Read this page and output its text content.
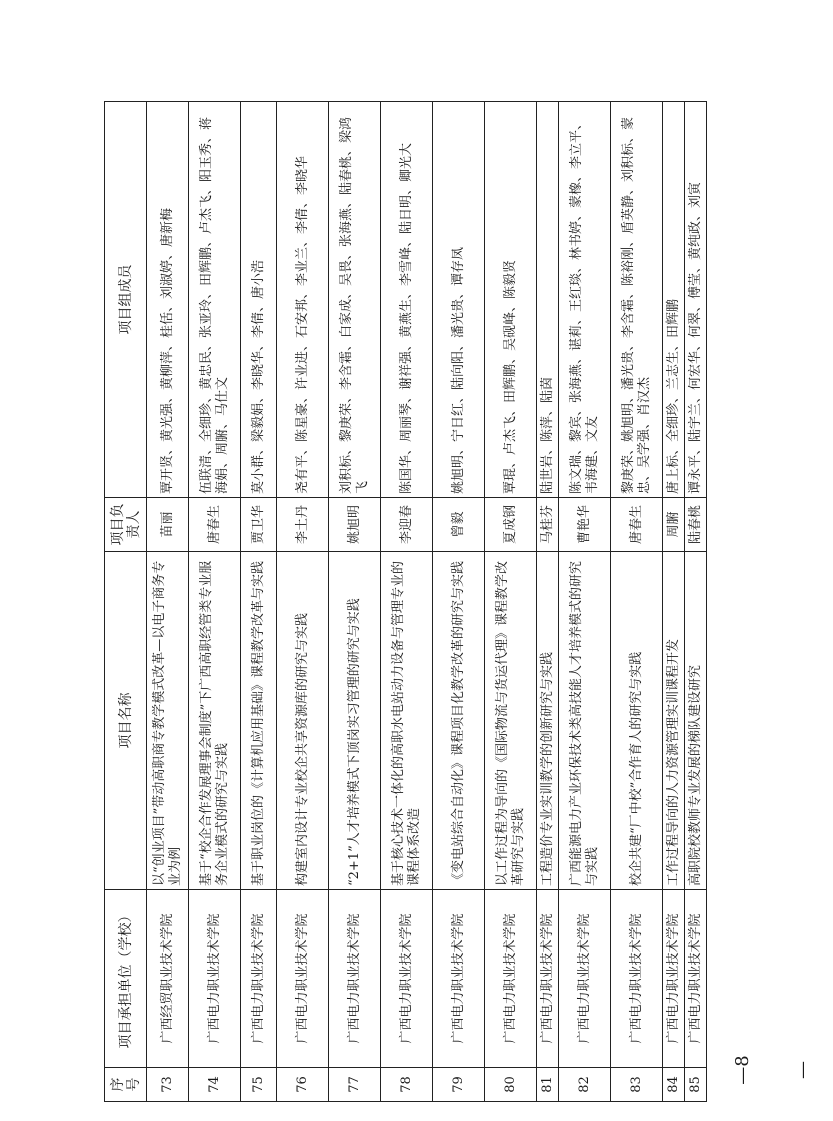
序号	项目承担单位（学校）	项目名称	项目负责人	项目组成员
73	广西经贸职业技术学院	以“创业项目”带动高职商专教学模式改革—以电子商务专业为例	苗丽	覃开贤、黄光强、黄柳萍、桂佸、刘淑婷、唐新梅
74	广西电力职业技术学院	基于“校企合作发展理事会制度”下广西高职经管类专业服务企业模式的研究与实践	唐春生	伍联清、全细珍、黄忠民、张亚玲、田辉鹏、卢杰飞、阳玉秀、蒋海娟、周腑、马仕文
75	广西电力职业技术学院	基于职业岗位的《计算机应用基础》课程教学改革与实践	贾卫华	莫小群、梁毅娟、李晓华、李倩、唐小浩
76	广西电力职业技术学院	构建室内设计专业校企共享资源库的研究与实践	李土丹	尧有平、陈星豪、许业进、石安邦、李业兰、李倩、李晓华
77	广西电力职业技术学院	“2+1”人才培养模式下顶岗实习管理的研究与实践	姚旭明	刘积标、黎庚荣、李含霜、白家成、吴畏、张海燕、陆春桃、梁鸿飞
78	广西电力职业技术学院	基于核心技术一体化的高职水电站动力设备与管理专业的课程体系改造	李迎春	陈国华、周丽琴、谢祥强、黄燕生、李雪峰、陆日明、卿光大
79	广西电力职业技术学院	《变电站综合自动化》课程项目化教学改革的研究与实践	曾毅	姚旭明、宁日红、陆向阳、潘光贵、谭存凤
80	广西电力职业技术学院	以工作过程为导向的《国际物流与货运代理》课程教学改革研究与实践	夏成钢	覃琨、卢杰飞、田辉鹏、吴砚峰、陈毅贤
81	广西电力职业技术学院	工程造价专业实训教学的创新研究与实践	马桂芬	陆世岩、陈萍、陆茵
82	广西电力职业技术学院	广西能源电力产业环保技术类高技能人才培养模式的研究与实践	曹艳华	陈文瑞、黎宾、张海燕、谌莉、王红琰、林书婷、蒙橡、李立平、韦海建、文友
83	广西电力职业技术学院	校企共建“厂中校”合作育人的研究与实践	唐春生	黎庚荣、姚旭明、潘光贵、李含霜、陈裕刚、盾英静、刘积标、蒙忠、吴学强、肖汉杰
84	广西电力职业技术学院	工作过程导向的人力资源管理实训课程开发	周腑	唐上标、全细珍、兰志生、田辉鹏
85	广西电力职业技术学院	高职院校教师专业发展的梯队建设研究	陆春桃	谭永平、陆宇兰、何宏华、何翠、傅莹、黄纯政、刘寅
—8—
